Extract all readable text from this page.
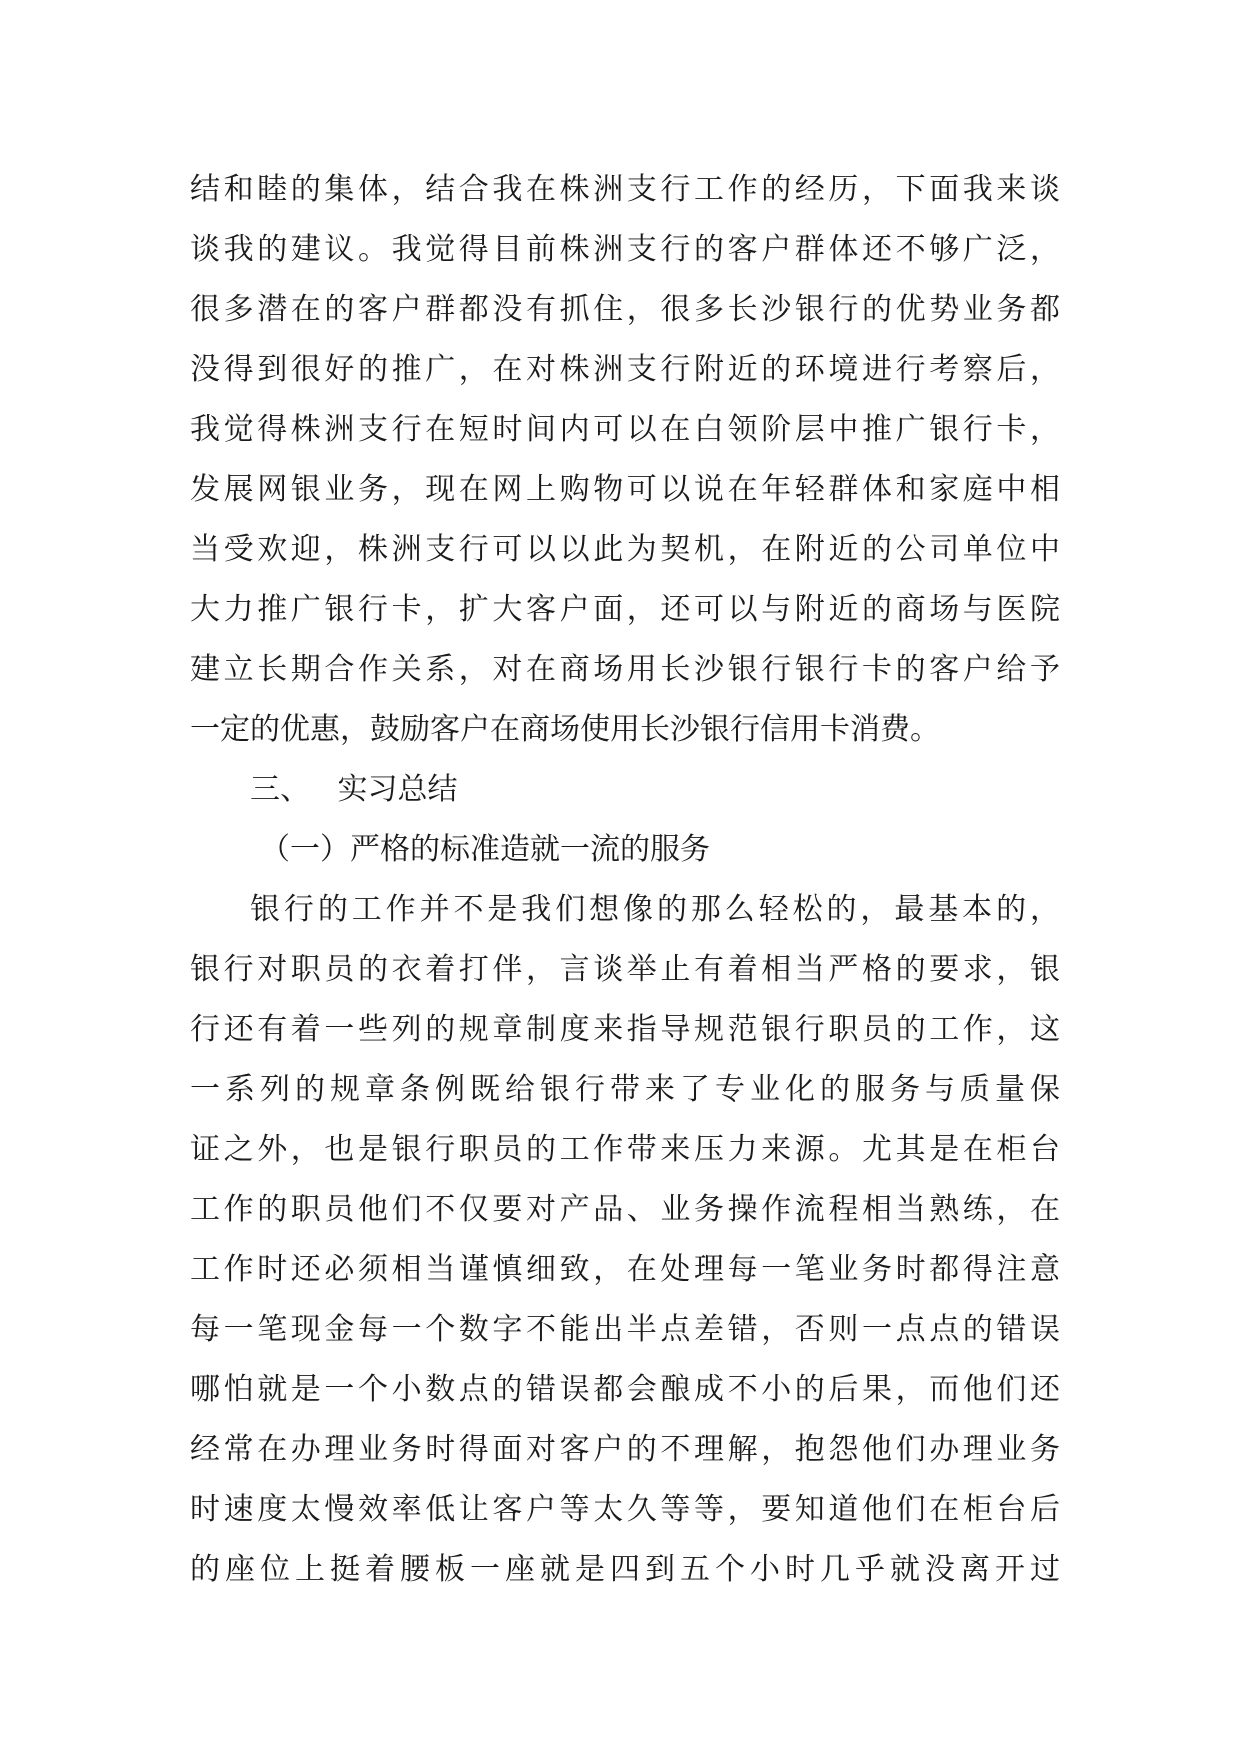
结和睦的集体，结合我在株洲支行工作的经历，下面我来谈
谈我的建议。我觉得目前株洲支行的客户群体还不够广泛，
很多潜在的客户群都没有抓住，很多长沙银行的优势业务都
没得到很好的推广，在对株洲支行附近的环境进行考察后，
我觉得株洲支行在短时间内可以在白领阶层中推广银行卡，
发展网银业务，现在网上购物可以说在年轻群体和家庭中相
当受欢迎，株洲支行可以以此为契机，在附近的公司单位中
大力推广银行卡，扩大客户面，还可以与附近的商场与医院
建立长期合作关系，对在商场用长沙银行银行卡的客户给予
一定的优惠，鼓励客户在商场使用长沙银行信用卡消费。
三、 实习总结
（一）严格的标准造就一流的服务
银行的工作并不是我们想像的那么轻松的，最基本的，
银行对职员的衣着打伴，言谈举止有着相当严格的要求，银
行还有着一些列的规章制度来指导规范银行职员的工作，这
一系列的规章条例既给银行带来了专业化的服务与质量保
证之外，也是银行职员的工作带来压力来源。尤其是在柜台
工作的职员他们不仅要对产品、业务操作流程相当熟练，在
工作时还必须相当谨慎细致，在处理每一笔业务时都得注意
每一笔现金每一个数字不能出半点差错，否则一点点的错误
哪怕就是一个小数点的错误都会酿成不小的后果，而他们还
经常在办理业务时得面对客户的不理解，抱怨他们办理业务
时速度太慢效率低让客户等太久等等，要知道他们在柜台后
的座位上挺着腰板一座就是四到五个小时几乎就没离开过
